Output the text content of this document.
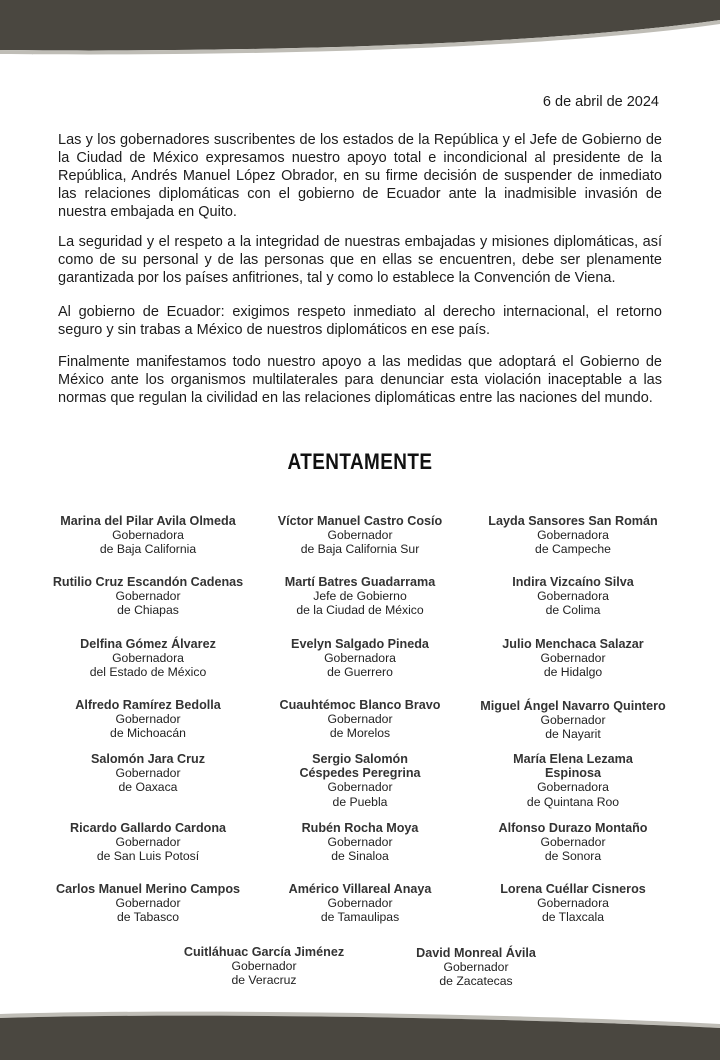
6 de abril de 2024
Las y los gobernadores suscribentes de los estados de la República y el Jefe de Gobierno de la Ciudad de México expresamos nuestro apoyo total e incondicional al presidente de la República, Andrés Manuel López Obrador, en su firme decisión de suspender de inmediato las relaciones diplomáticas con el gobierno de Ecuador ante la inadmisible invasión de nuestra embajada en Quito.
La seguridad y el respeto a la integridad de nuestras embajadas y misiones diplomáticas, así como de su personal y de las personas que en ellas se encuentren, debe ser plenamente garantizada por los países anfitriones, tal y como lo establece la Convención de Viena.
Al gobierno de Ecuador: exigimos respeto inmediato al derecho internacional, el retorno seguro y sin trabas a México de nuestros diplomáticos en ese país.
Finalmente manifestamos todo nuestro apoyo a las medidas que adoptará el Gobierno de México ante los organismos multilaterales para denunciar esta violación inaceptable a las normas que regulan la civilidad en las relaciones diplomáticas entre las naciones del mundo.
ATENTAMENTE
Marina del Pilar Avila Olmeda
Gobernadora
de Baja California
Víctor Manuel Castro Cosío
Gobernador
de Baja California Sur
Layda Sansores San Román
Gobernadora
de Campeche
Rutilio Cruz Escandón Cadenas
Gobernador
de Chiapas
Martí Batres Guadarrama
Jefe de Gobierno
de la Ciudad de México
Indira Vizcaíno Silva
Gobernadora
de Colima
Delfina Gómez Álvarez
Gobernadora
del Estado de México
Evelyn Salgado Pineda
Gobernadora
de Guerrero
Julio Menchaca Salazar
Gobernador
de Hidalgo
Alfredo Ramírez Bedolla
Gobernador
de Michoacán
Cuauhtémoc Blanco Bravo
Gobernador
de Morelos
Miguel Ángel Navarro Quintero
Gobernador
de Nayarit
Salomón Jara Cruz
Gobernador
de Oaxaca
Sergio Salomón Céspedes Peregrina
Gobernador
de Puebla
María Elena Lezama Espinosa
Gobernadora
de Quintana Roo
Ricardo Gallardo Cardona
Gobernador
de San Luis Potosí
Rubén Rocha Moya
Gobernador
de Sinaloa
Alfonso Durazo Montaño
Gobernador
de Sonora
Carlos Manuel Merino Campos
Gobernador
de Tabasco
Américo Villareal Anaya
Gobernador
de Tamaulipas
Lorena Cuéllar Cisneros
Gobernadora
de Tlaxcala
Cuitláhuac García Jiménez
Gobernador
de Veracruz
David Monreal Ávila
Gobernador
de Zacatecas
